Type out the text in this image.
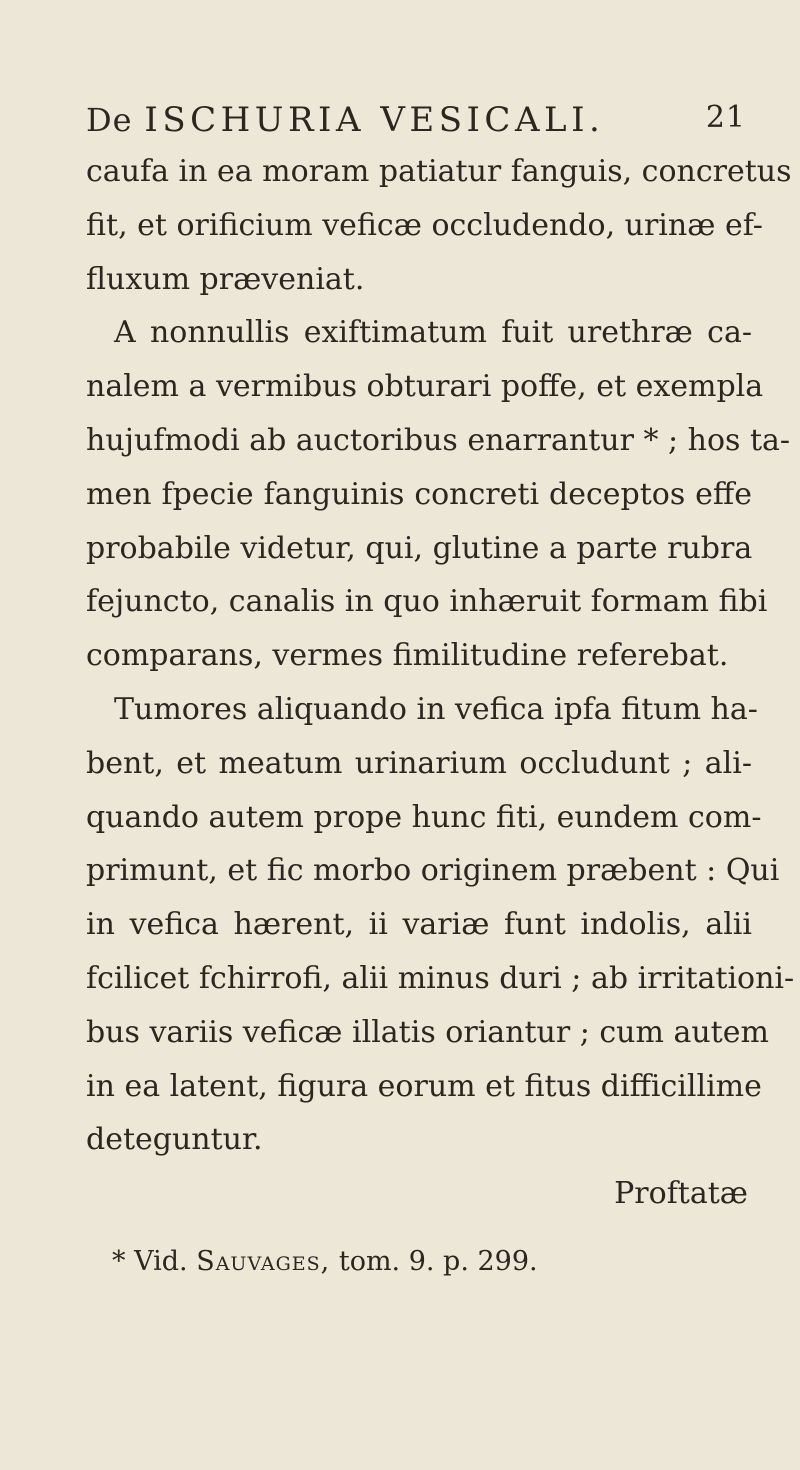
De ISCHURIA VESICALI.	21
caufa in ea moram patiatur fanguis, concretus
fit, et orificium veficæ occludendo, urinæ ef-
fluxum præveniat.
A nonnullis exiftimatum fuit urethræ ca-
nalem a vermibus obturari poffe, et exempla
hujufmodi ab auctoribus enarrantur * ; hos ta-
men fpecie fanguinis concreti deceptos effe
probabile videtur, qui, glutine a parte rubra
fejuncto, canalis in quo inhæruit formam fibi
comparans, vermes fimilitudine referebat.
Tumores aliquando in vefica ipfa fitum ha-
bent, et meatum urinarium occludunt ; ali-
quando autem prope hunc fiti, eundem com-
primunt, et fic morbo originem præbent : Qui
in vefica hærent, ii variæ funt indolis, alii
fcilicet fchirrofi, alii minus duri ; ab irritationi-
bus variis veficæ illatis oriantur ; cum autem
in ea latent, figura eorum et fitus difficillime
deteguntur.
Proftatæ
* Vid. Sauvages, tom. 9. p. 299.
